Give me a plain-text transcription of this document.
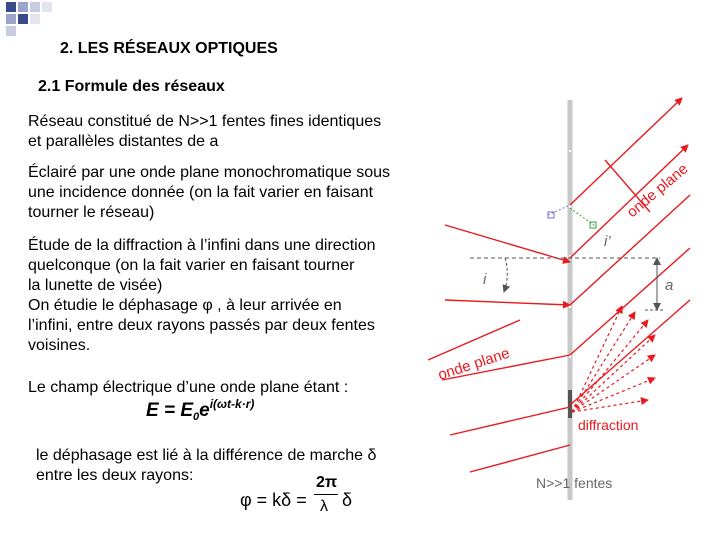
2. LES RÉSEAUX OPTIQUES
2.1 Formule des réseaux
Réseau constitué de N>>1 fentes fines identiques
et parallèles distantes de a
Éclairé par une onde plane monochromatique sous
une incidence donnée (on la fait varier en faisant
tourner le réseau)
Étude de la diffraction à l’infini dans une direction
quelconque (on la fait varier en faisant tourner
la lunette de visée)
On étudie le déphasage φ , à leur arrivée en
l’infini, entre deux rayons passés par deux fentes
voisines.
Le champ électrique d’une onde plane étant :
$E = E_0e^{i(\omega t-k\cdot r)}$
le déphasage est lié à la différence de marche δ
entre les deux rayons:
φ = kδ =
2π
λ δ
onde plane
onde plane
i’
i	a
diffraction
N>>1 fentes
